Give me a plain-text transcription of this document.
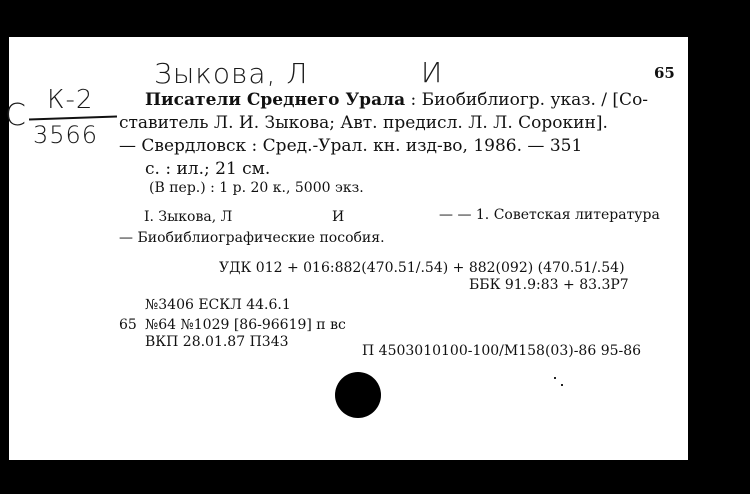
Зыкова, Л	И
С К-2
3566
65
Писатели Среднего Урала : Биобиблиогр. указ. / [Со-
ставитель Л. И. Зыкова; Авт. предисл. Л. Л. Сорокин].
— Свердловск : Сред.-Урал. кн. изд-во, 1986. — 351
с. : ил.; 21 см.
(В пер.) : 1 р. 20 к., 5000 экз.
I. Зыкова, Л	И	— — 1. Советская литература
— Биобиблиографические пособия.
УДК 012 + 016:882(470.51/.54) + 882(092) (470.51/.54)
ББК 91.9:83 + 83.3Р7
№3406 ЕСКЛ 44.6.1
65 №64 №1029 [86-96619] п вс
ВКП 28.01.87 П343
П 4503010100-100/М158(03)-86 95-86
